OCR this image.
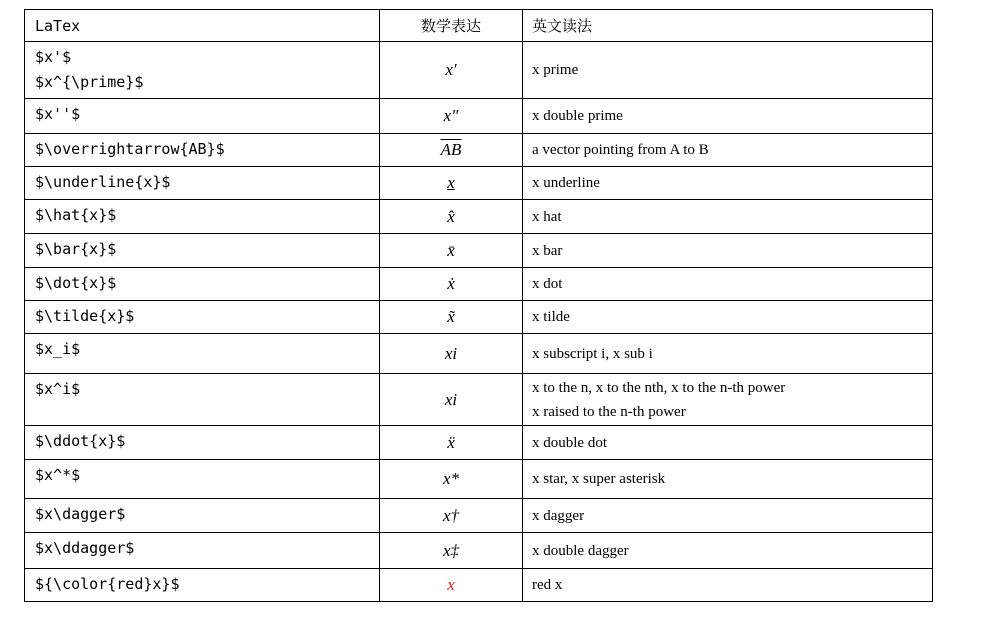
LaTex	数学表达	英文读法

$x'$
$x^{\prime}$	x′	x prime
$x''$	x″	x double prime
$\overrightarrow{AB}$	$\overline{AB}$	a vector pointing from A to B
$\underline{x}$	x	x underline
$\hat{x}$	x̂	x hat
$\bar{x}$	x̄	x bar
$\dot{x}$	ẋ	x dot
$\tilde{x}$	x̃	x tilde
$x_i$	xi	x subscript i, x sub i
$x^i$	xi	x to the n, x to the nth, x to the n-th power
x raised to the n-th power

$\ddot{x}$	ẍ	x double dot
$x^*$	x*	x star, x super asterisk
$x\dagger$	x†	x dagger
$x\ddagger$	x‡	x double dagger
${\color{red}x}$	x	red x
